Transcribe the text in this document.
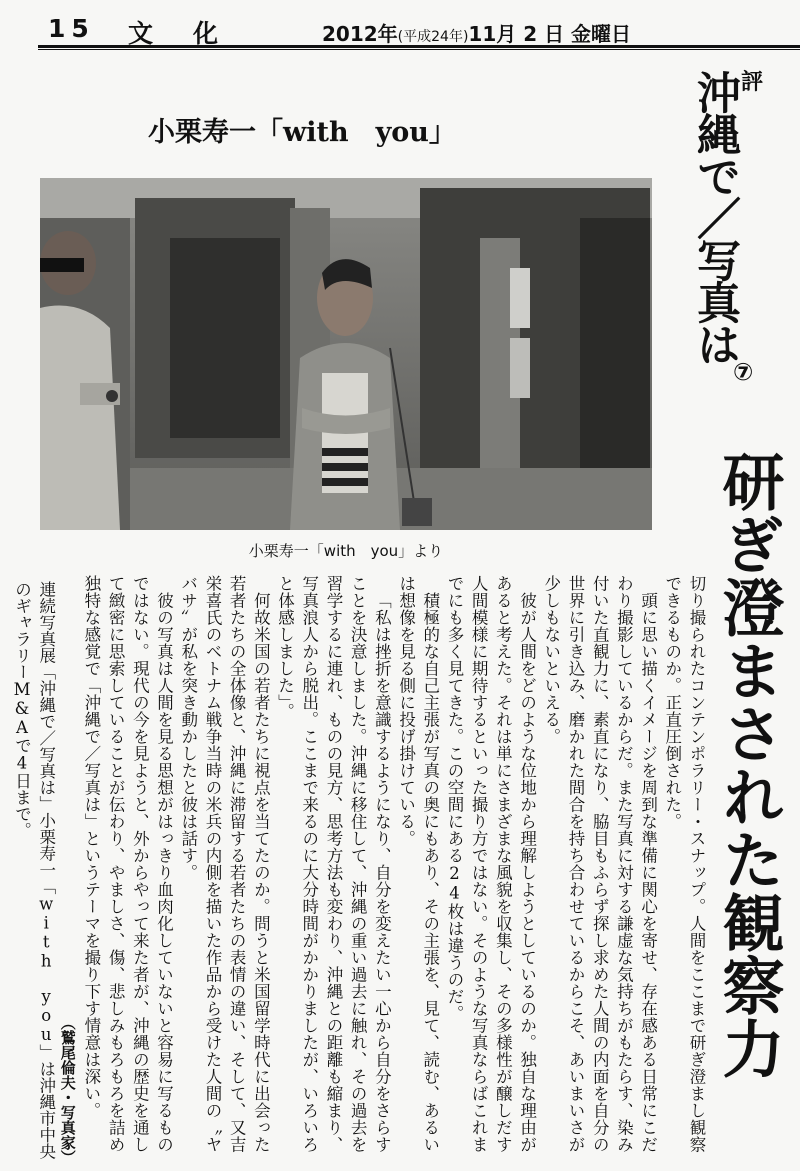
15 文化	2012年(平成24年)11月 2 日 金曜日
小栗寿一「with　you」
小栗寿一「with　you」より
評
沖縄で／写真は
⑦
研ぎ澄まされた観察力

切り撮られたコンテンポラリー・スナップ。人間をここまで研ぎ澄まし観察できるものか。正直圧倒された。

頭に思い描くイメージを周到な準備に関心を寄せ、存在感ある日常にこだわり撮影しているからだ。また写真に対する謙虚な気持ちがもたらす、染み付いた直観力に、素直になり、脇目もふらず探し求めた人間の内面を自分の世界に引き込み、磨かれた間合を持ち合わせているからこそ、あいまいさが少しもないといえる。

彼が人間をどのような位地から理解しようとしているのか。独自な理由があると考えた。それは単にさまざまな風貌を収集し、その多様性が醸しだす人間模様に期待するといった撮り方ではない。そのような写真ならばこれまでにも多く見てきた。この空間にある24枚は違うのだ。

積極的な自己主張が写真の奥にもあり、その主張を、見て、読む、あるいは想像を見る側に投げ掛けている。

「私は挫折を意識するようになり、自分を変えたい一心から自分をさらすことを決意しました。沖縄に移住して、沖縄の重い過去に触れ、その過去を習学するに連れ、ものの見方、思考方法も変わり、沖縄との距離も縮まり、写真浪人から脱出。ここまで来るのに大分時間がかかりましたが、いろいろと体感しました」。

何故米国の若者たちに視点を当てたのか。問うと米国留学時代に出会った若者たちの全体像と、沖縄に滞留する若者たちの表情の違い、そして、又吉栄喜氏のベトナム戦争当時の米兵の内側を描いた作品から受けた人間の〝ヤバサ〟が私を突き動かしたと彼は話す。

彼の写真は人間を見る思想がはっきり血肉化していないと容易に写るものではない。現代の今を見ようと、外からやって来た者が、沖縄の歴史を通して緻密に思索していることが伝わり、やましさ、傷、悲しみもろもろを詰め独特な感覚で「沖縄で／写真は」というテーマを撮り下す情意は深い。

（鷲尾倫夫・写真家）

連続写真展「沖縄で／写真は」小栗寿一「with　you」は沖縄市中央のギャラリーM&Aで4日まで。
